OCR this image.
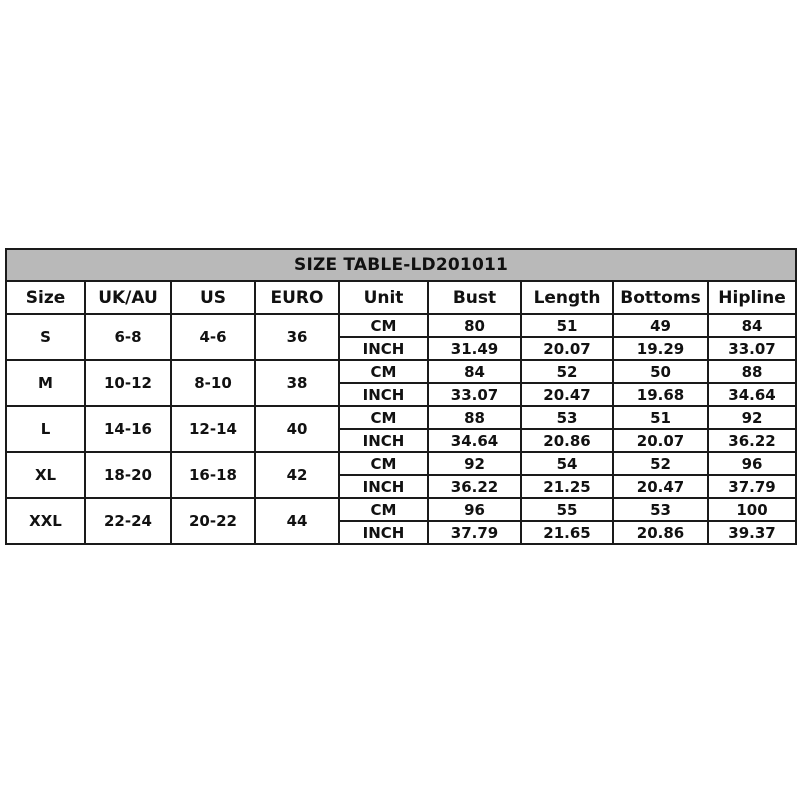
SIZE TABLE-LD201011								
Size	UK/AU	US	EURO	Unit	Bust	Length	Bottoms	Hipline
S	6-8	4-6	36	CM	80	51	49	84
				INCH	31.49	20.07	19.29	33.07
M	10-12	8-10	38	CM	84	52	50	88
				INCH	33.07	20.47	19.68	34.64
L	14-16	12-14	40	CM	88	53	51	92
				INCH	34.64	20.86	20.07	36.22
XL	18-20	16-18	42	CM	92	54	52	96
				INCH	36.22	21.25	20.47	37.79
XXL	22-24	20-22	44	CM	96	55	53	100
				INCH	37.79	21.65	20.86	39.37
